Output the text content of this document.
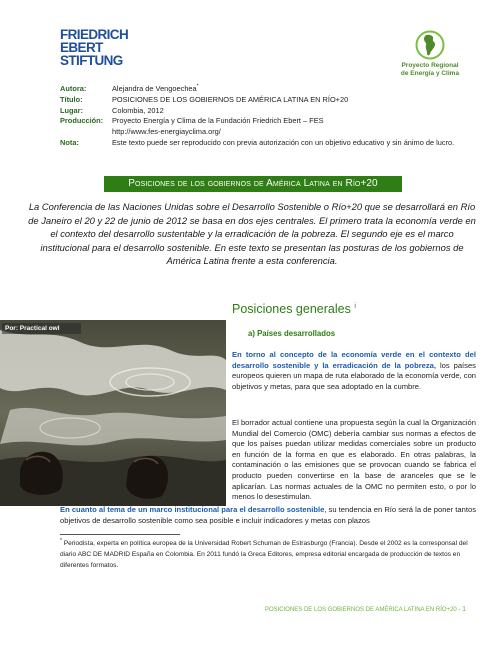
FRIEDRICH
EBERT
STIFTUNG	Proyecto Regional
de Energía y Clima
Autora:	Alejandra de Vengoechea*
Título:	POSICIONES DE LOS GOBIERNOS DE AMÉRICA LATINA EN RÍO+20
Lugar:	Colombia, 2012
Producción:	Proyecto Energía y Clima de la Fundación Friedrich Ebert – FES
http://www.fes-energiayclima.org/
Nota:	Este texto puede ser reproducido con previa autorización con un objetivo educativo y sin ánimo de lucro.
Posiciones de los gobiernos de América Latina en Río+20
La Conferencia de las Naciones Unidas sobre el Desarrollo Sostenible o Río+20 que se desarrollará en Río de Janeiro el 20 y 22 de junio de 2012 se basa en dos ejes centrales. El primero trata la economía verde en el contexto del desarrollo sustentable y la erradicación de la pobreza. El segundo eje es el marco institucional para el desarrollo sostenible. En este texto se presentan las posturas de los gobiernos de América Latina frente a esta conferencia.
Por: Practical owl
Posiciones generales $^i$
a) Países desarrollados
En torno al concepto de la economía verde en el contexto del desarrollo sostenible y la erradicación de la pobreza, los países europeos quieren un mapa de ruta elaborado de la economía verde, con objetivos y metas, para que sea adoptado en la cumbre.
El borrador actual contiene una propuesta según la cual la Organización Mundial del Comercio (OMC) debería cambiar sus normas a efectos de que los países puedan utilizar medidas comerciales sobre un producto en función de la forma en que es elaborado. En otras palabras, la contaminación o las emisiones que se provocan cuando se fabrica el producto pueden convertirse en la base de aranceles que se le aplicarían. Las normas actuales de la OMC no permiten esto, o por lo menos lo desestimulan.
En cuanto al tema de un marco institucional para el desarrollo sostenible, su tendencia en Río será la de poner tantos objetivos de desarrollo sostenible como sea posible e incluir indicadores y metas con plazos
* Periodista, experta en política europea de la Universidad Robert Schuman de Estrasburgo (Francia). Desde el 2002 es la corresponsal del diario ABC DE MADRID España en Colombia. En 2011 fundó la Greca Editores, empresa editorial encargada de producción de textos en diferentes formatos.
POSICIONES DE LOS GOBIERNOS DE AMÉRICA LATINA EN RÍO+20 - 1
